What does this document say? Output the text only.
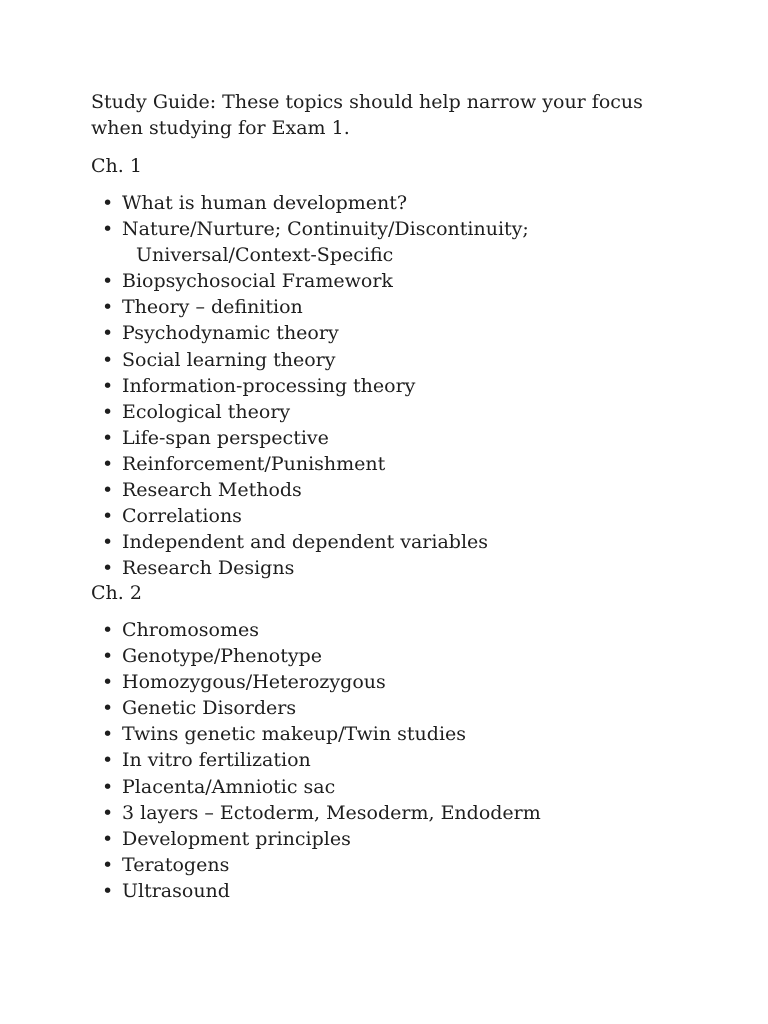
Study Guide: These topics should help narrow your focus
when studying for Exam 1.

Ch. 1
• What is human development?
• Nature/Nurture; Continuity/Discontinuity;
Universal/Context-Specific
• Biopsychosocial Framework
• Theory – definition
• Psychodynamic theory
• Social learning theory
• Information-processing theory
• Ecological theory
• Life-span perspective
• Reinforcement/Punishment
• Research Methods
• Correlations
• Independent and dependent variables
• Research Designs
Ch. 2
• Chromosomes
• Genotype/Phenotype
• Homozygous/Heterozygous
• Genetic Disorders
• Twins genetic makeup/Twin studies
• In vitro fertilization
• Placenta/Amniotic sac
• 3 layers – Ectoderm, Mesoderm, Endoderm
• Development principles
• Teratogens
• Ultrasound
